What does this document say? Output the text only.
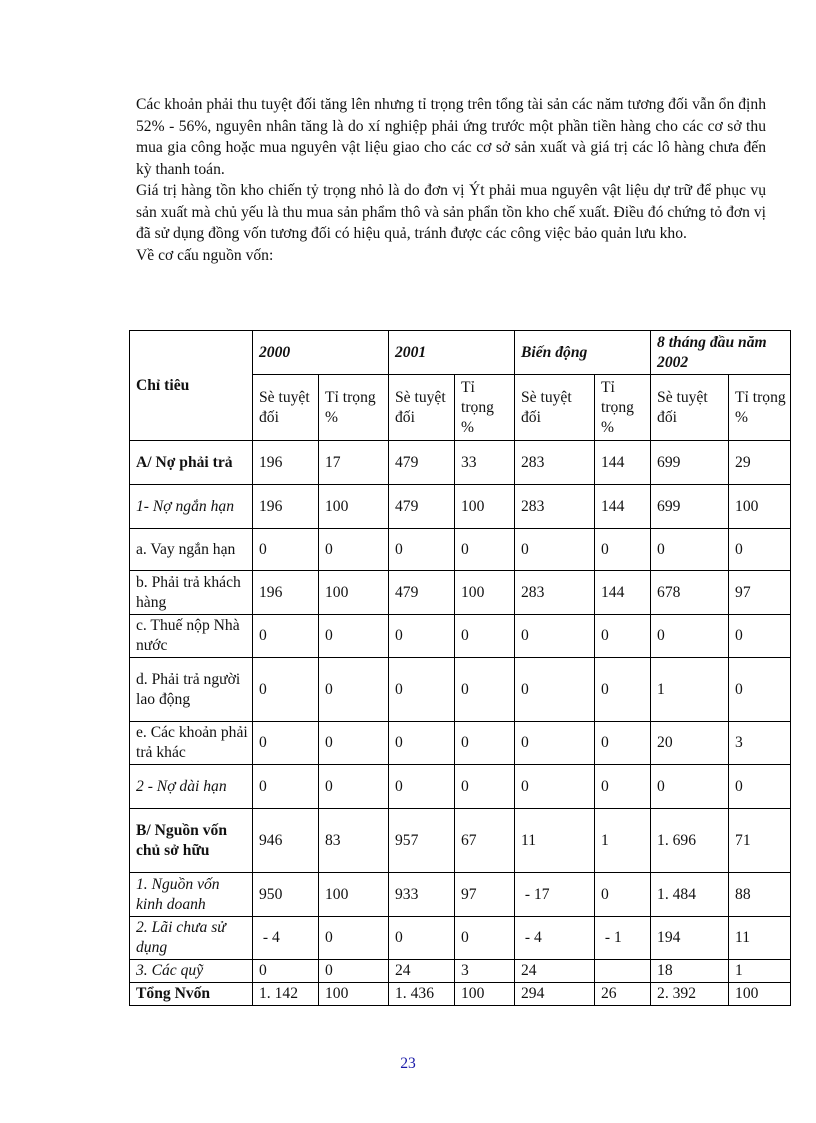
Các khoản phải thu tuyệt đối tăng lên nhưng tỉ trọng trên tổng tài sản các năm tương đối vẫn ổn định 52% - 56%, nguyên nhân tăng là do xí nghiệp phải ứng trước một phần tiền hàng cho các cơ sở thu mua gia công hoặc mua nguyên vật liệu giao cho các cơ sở sản xuất và giá trị các lô hàng chưa đến kỳ thanh toán.

Giá trị hàng tồn kho chiến tỷ trọng nhỏ là do đơn vị Ýt phải mua nguyên vật liệu dự trữ để phục vụ sản xuất mà chủ yếu là thu mua sản phẩm thô và sản phẩn tồn kho chế xuất. Điều đó chứng tỏ đơn vị đã sử dụng đồng vốn tương đối có hiệu quả, tránh được các công việc bảo quản lưu kho.

Về cơ cấu nguồn vốn:

Chỉ tiêu	2000		2001		Biến động		8 tháng đầu năm 2002	
	Sè tuyệt đối	Tỉ trọng %	Sè tuyệt đối	Tỉ trọng %	Sè tuyệt đối	Tỉ trọng %	Sè tuyệt đối	Tỉ trọng %
A/ Nợ phải trả	196	17	479	33	283	144	699	29
1- Nợ ngắn hạn	196	100	479	100	283	144	699	100
a. Vay ngắn hạn	0	0	0	0	0	0	0	0
b. Phải trả khách hàng	196	100	479	100	283	144	678	97
c. Thuế nộp Nhà nước	0	0	0	0	0	0	0	0
d. Phải trả người lao động	0	0	0	0	0	0	1	0
e. Các khoản phải trả khác	0	0	0	0	0	0	20	3
2 - Nợ dài hạn	0	0	0	0	0	0	0	0
B/ Nguồn vốn chủ sở hữu	946	83	957	67	11	1	1. 696	71
1. Nguồn vốn kinh doanh	950	100	933	97	- 17	0	1. 484	88
2. Lãi chưa sử dụng	- 4	0	0	0	- 4	- 1	194	11
3. Các quỹ	0	0	24	3	24		18	1
Tổng Nvốn	1. 142	100	1. 436	100	294	26	2. 392	100
23
